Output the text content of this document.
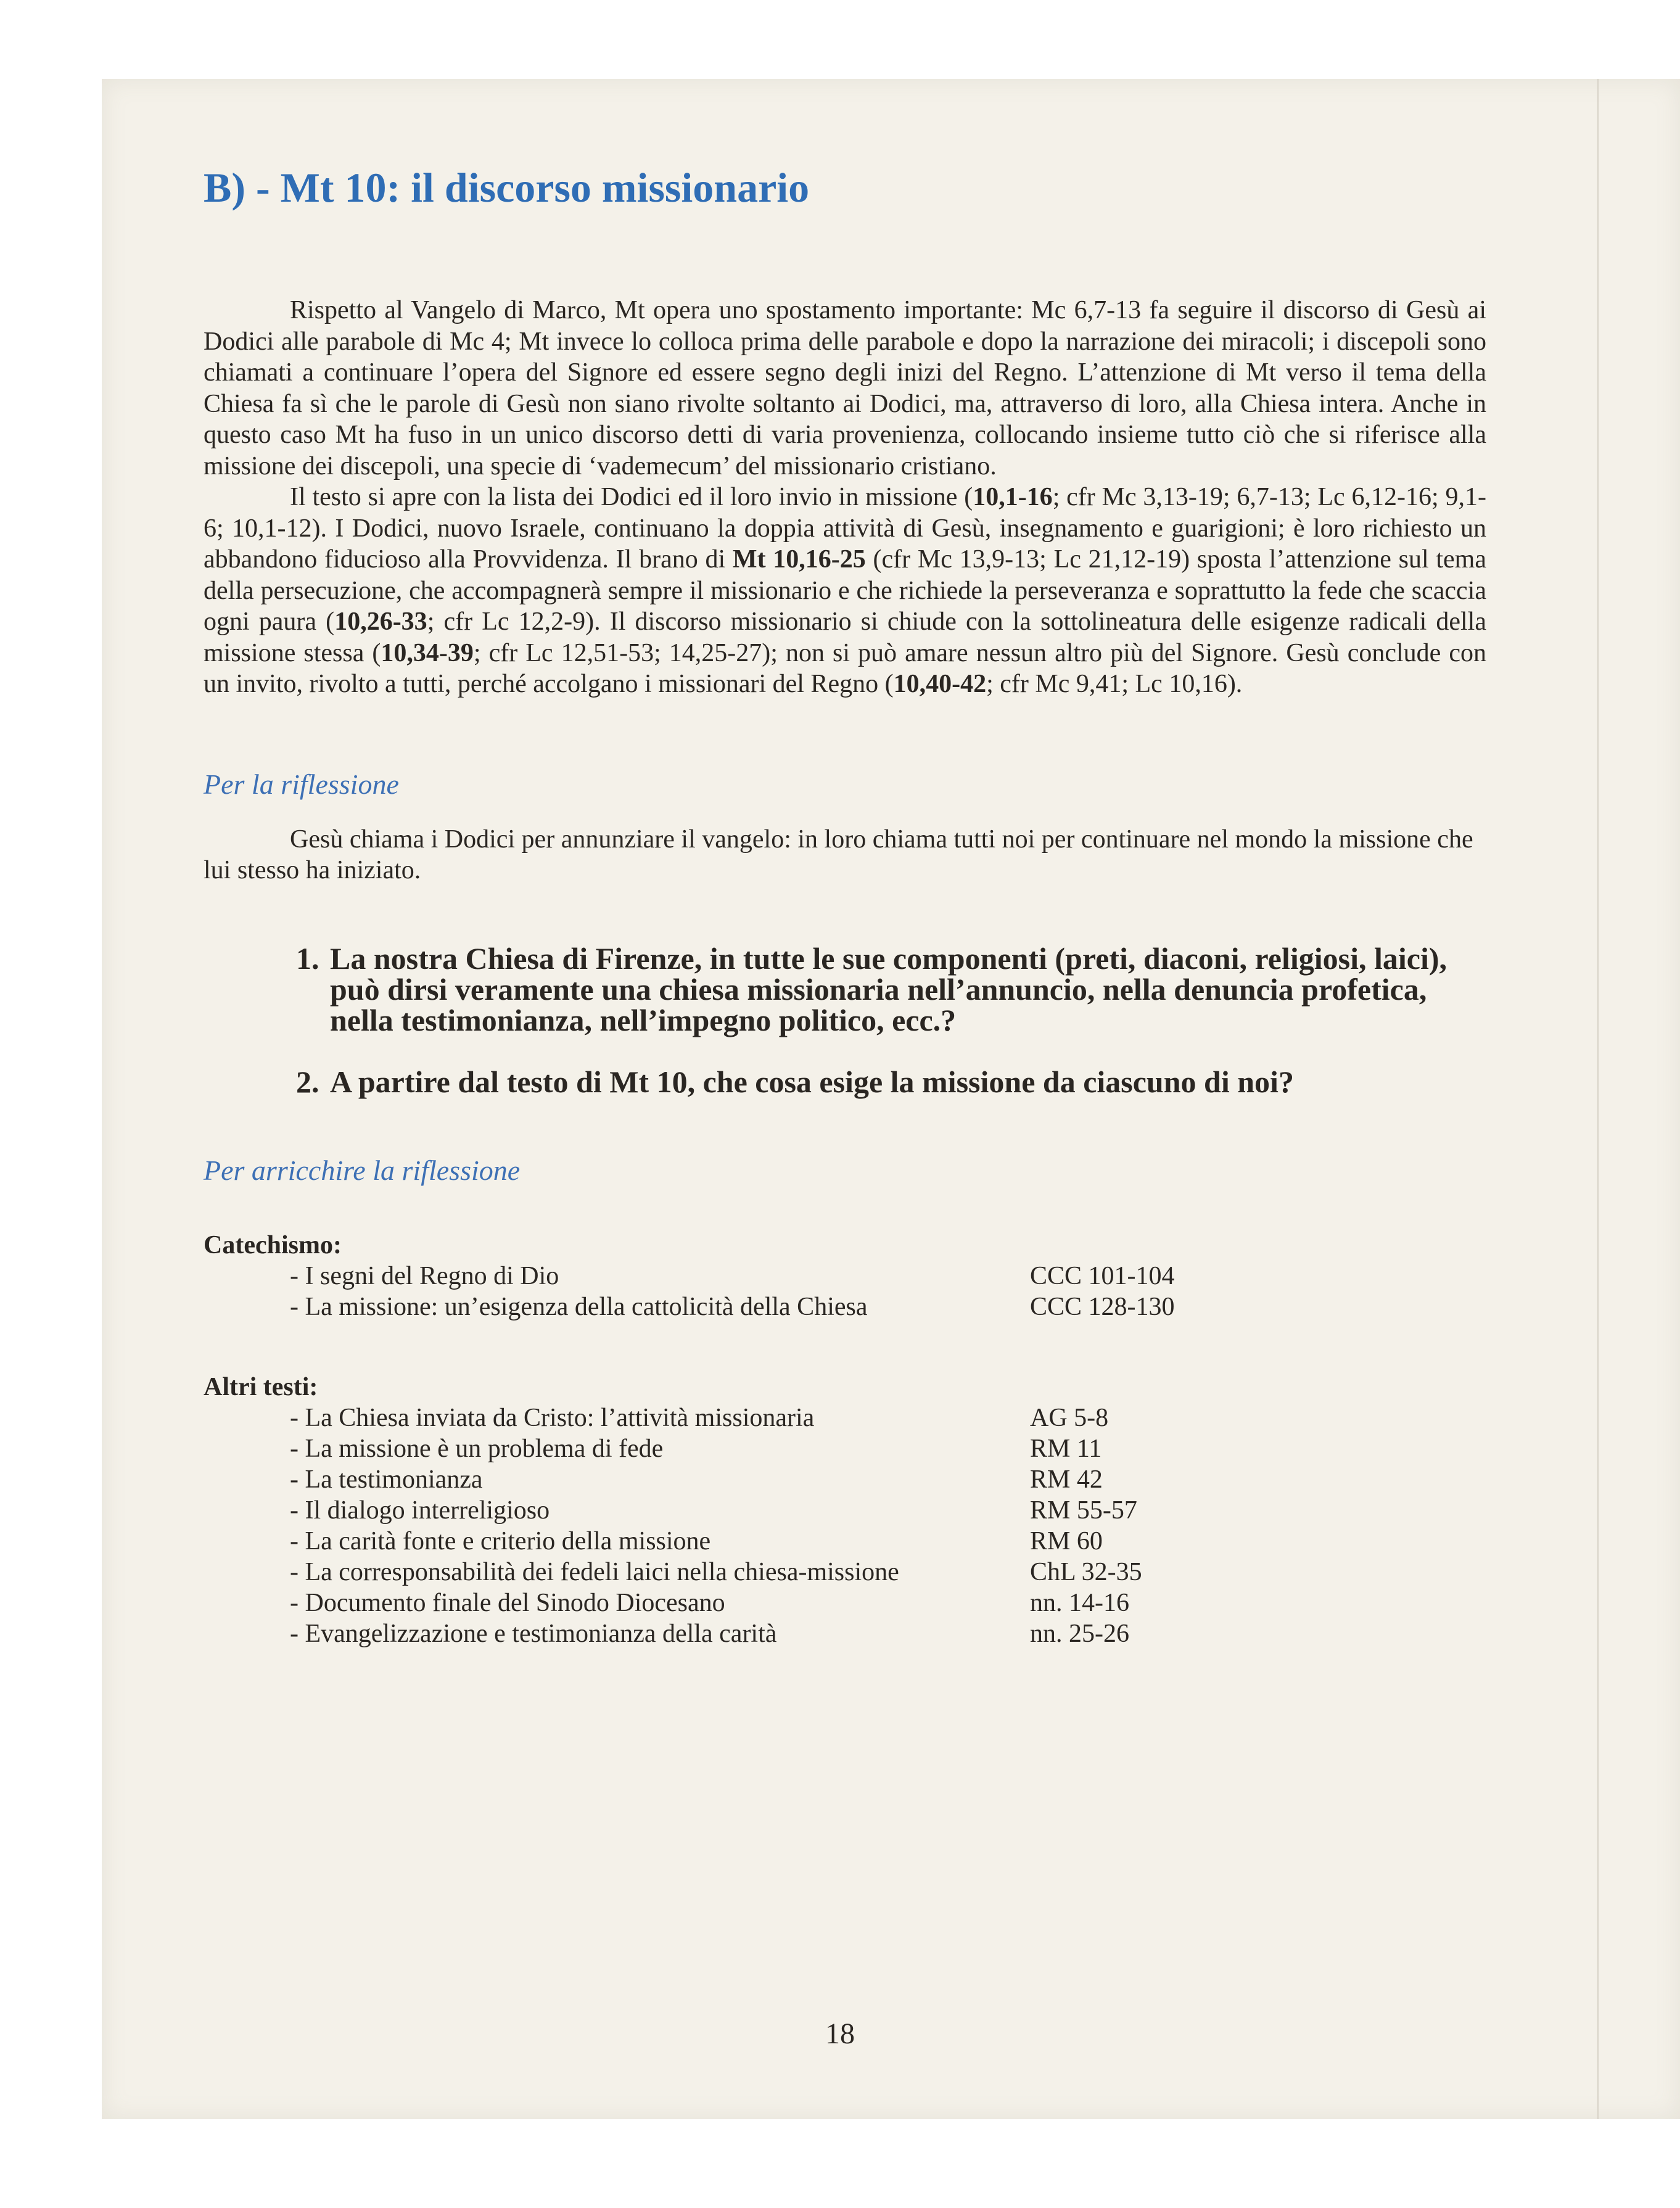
B) - Mt 10: il discorso missionario

Rispetto al Vangelo di Marco, Mt opera uno spostamento importante: Mc 6,7-13 fa seguire il discorso di Gesù ai Dodici alle parabole di Mc 4; Mt invece lo colloca prima delle parabole e dopo la narrazione dei miracoli; i discepoli sono chiamati a continuare l’opera del Signore ed essere segno degli inizi del Regno. L’attenzione di Mt verso il tema della Chiesa fa sì che le parole di Gesù non siano rivolte soltanto ai Dodici, ma, attraverso di loro, alla Chiesa intera. Anche in questo caso Mt ha fuso in un unico discorso detti di varia provenienza, collocando insieme tutto ciò che si riferisce alla missione dei discepoli, una specie di ‘vademecum’ del missionario cristiano.

Il testo si apre con la lista dei Dodici ed il loro invio in missione (10,1-16; cfr Mc 3,13-19; 6,7-13; Lc 6,12-16; 9,1-6; 10,1-12). I Dodici, nuovo Israele, continuano la doppia attività di Gesù, insegnamento e guarigioni; è loro richiesto un abbandono fiducioso alla Provvidenza. Il brano di Mt 10,16-25 (cfr Mc 13,9-13; Lc 21,12-19) sposta l’attenzione sul tema della persecuzione, che accompagnerà sempre il missionario e che richiede la perseveranza e soprattutto la fede che scaccia ogni paura (10,26-33; cfr Lc 12,2-9). Il discorso missionario si chiude con la sottolineatura delle esigenze radicali della missione stessa (10,34-39; cfr Lc 12,51-53; 14,25-27); non si può amare nessun altro più del Signore. Gesù conclude con un invito, rivolto a tutti, perché accolgano i missionari del Regno (10,40-42; cfr Mc 9,41; Lc 10,16).

Per la riflessione

Gesù chiama i Dodici per annunziare il vangelo: in loro chiama tutti noi per continuare nel mondo la missione che lui stesso ha iniziato.

1. La nostra Chiesa di Firenze, in tutte le sue componenti (preti, diaconi, religiosi, laici), può dirsi veramente una chiesa missionaria nell’annuncio, nella denuncia profetica, nella testimonianza, nell’impegno politico, ecc.?
2. A partire dal testo di Mt 10, che cosa esige la missione da ciascuno di noi?
Per arricchire la riflessione
Catechismo:
- I segni del Regno di Dio	CCC 101-104
- La missione: un’esigenza della cattolicità della Chiesa	CCC 128-130
Altri testi:
- La Chiesa inviata da Cristo: l’attività missionaria	AG 5-8
- La missione è un problema di fede	RM 11
- La testimonianza	RM 42
- Il dialogo interreligioso	RM 55-57
- La carità fonte e criterio della missione	RM 60
- La corresponsabilità dei fedeli laici nella chiesa-missione	ChL 32-35
- Documento finale del Sinodo Diocesano	nn. 14-16
- Evangelizzazione e testimonianza della carità	nn. 25-26
18
